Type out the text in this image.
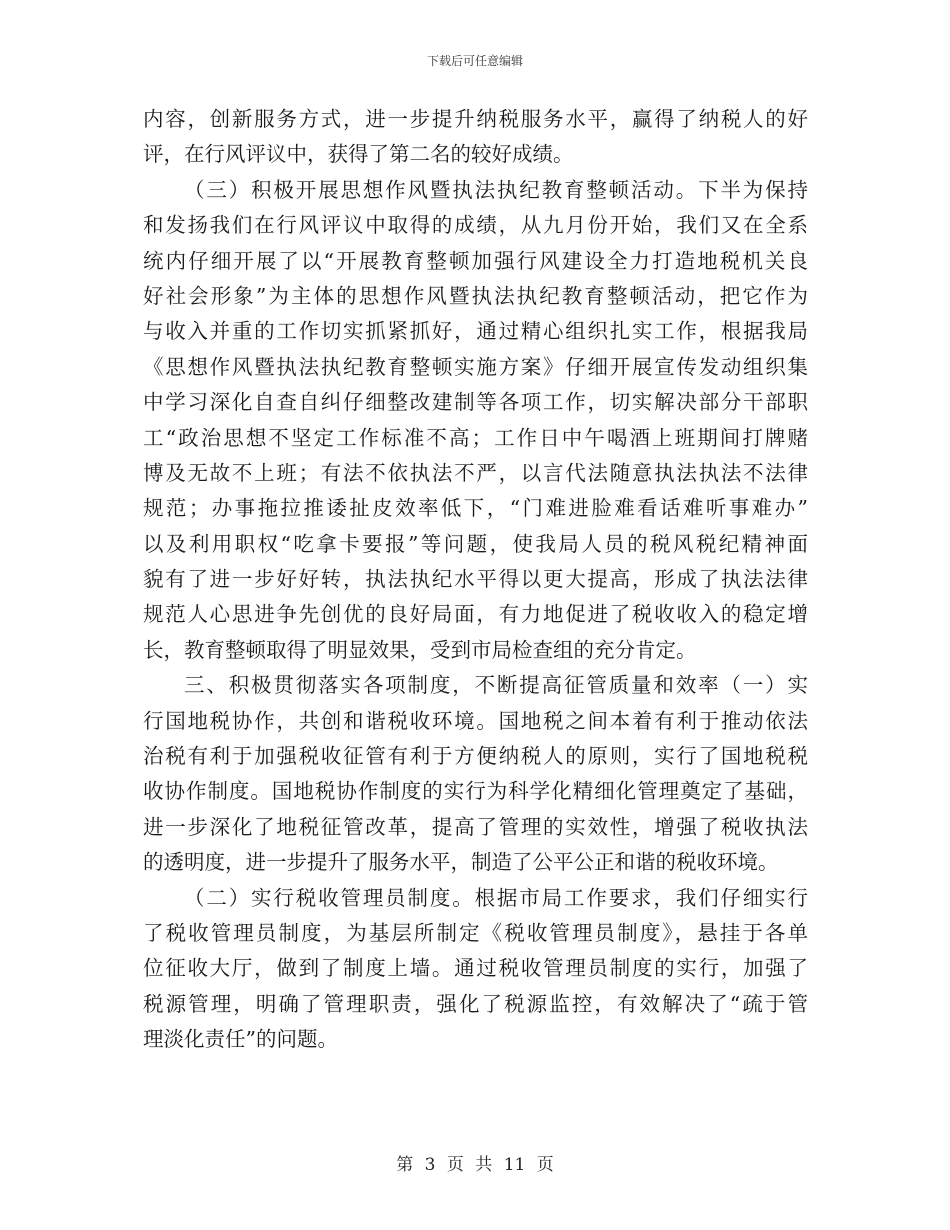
下载后可任意编辑
内容，创新服务方式，进一步提升纳税服务水平，赢得了纳税人的好
评，在行风评议中，获得了第二名的较好成绩。
（三）积极开展思想作风暨执法执纪教育整顿活动。下半为保持
和发扬我们在行风评议中取得的成绩，从九月份开始，我们又在全系
统内仔细开展了以“开展教育整顿加强行风建设全力打造地税机关良
好社会形象”为主体的思想作风暨执法执纪教育整顿活动，把它作为
与收入并重的工作切实抓紧抓好，通过精心组织扎实工作，根据我局
《思想作风暨执法执纪教育整顿实施方案》仔细开展宣传发动组织集
中学习深化自查自纠仔细整改建制等各项工作，切实解决部分干部职
工“政治思想不坚定工作标准不高；工作日中午喝酒上班期间打牌赌
博及无故不上班；有法不依执法不严，以言代法随意执法执法不法律
规范；办事拖拉推诿扯皮效率低下，“门难进脸难看话难听事难办”
以及利用职权“吃拿卡要报”等问题，使我局人员的税风税纪精神面
貌有了进一步好好转，执法执纪水平得以更大提高，形成了执法法律
规范人心思进争先创优的良好局面，有力地促进了税收收入的稳定增
长，教育整顿取得了明显效果，受到市局检查组的充分肯定。
三、积极贯彻落实各项制度，不断提高征管质量和效率（一）实
行国地税协作，共创和谐税收环境。国地税之间本着有利于推动依法
治税有利于加强税收征管有利于方便纳税人的原则，实行了国地税税
收协作制度。国地税协作制度的实行为科学化精细化管理奠定了基础，
进一步深化了地税征管改革，提高了管理的实效性，增强了税收执法
的透明度，进一步提升了服务水平，制造了公平公正和谐的税收环境。
（二）实行税收管理员制度。根据市局工作要求，我们仔细实行
了税收管理员制度，为基层所制定《税收管理员制度》，悬挂于各单
位征收大厅，做到了制度上墙。通过税收管理员制度的实行，加强了
税源管理，明确了管理职责，强化了税源监控，有效解决了“疏于管
理淡化责任”的问题。
第 3 页 共 11 页
